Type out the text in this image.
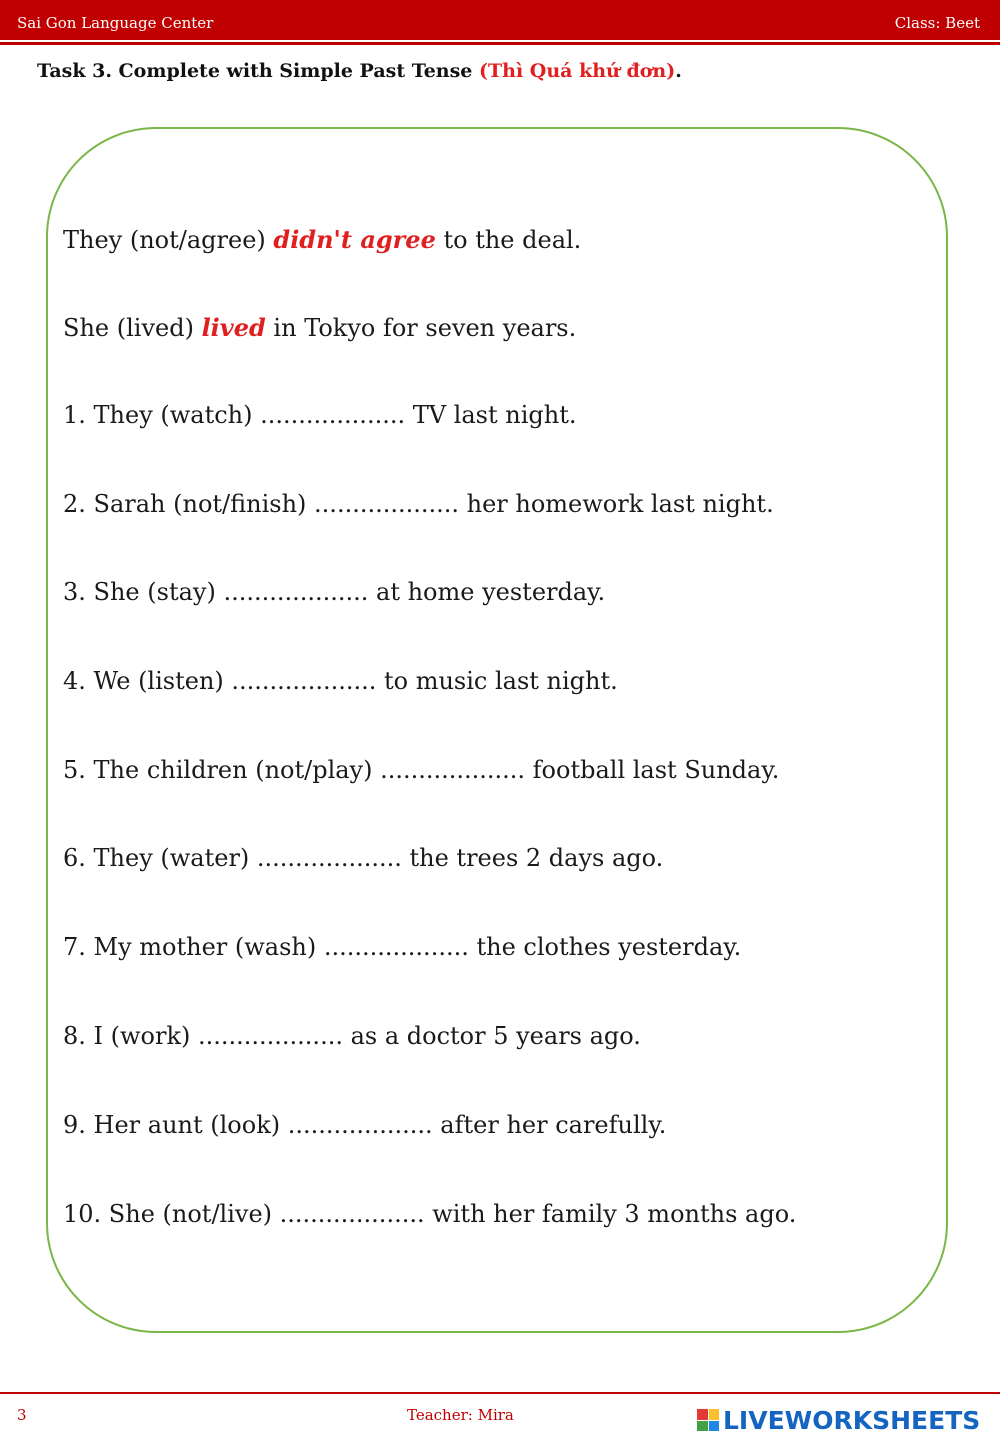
Sai Gon Language Center	Class: Beet
Task 3. Complete with Simple Past Tense (Thì Quá khứ đơn).
They (not/agree) didn't agree to the deal.
She (lived) lived in Tokyo for seven years.
1. They (watch) ................... TV last night.
2. Sarah (not/finish) ................... her homework last night.
3. She (stay) ................... at home yesterday.
4. We (listen) ................... to music last night.
5. The children (not/play) ................... football last Sunday.
6. They (water) ................... the trees 2 days ago.
7. My mother (wash) ................... the clothes yesterday.
8. I (work) ................... as a doctor 5 years ago.
9. Her aunt (look) ................... after her carefully.
10. She (not/live) ................... with her family 3 months ago.
3	Teacher: Mira	LIVEWORKSHEETS
